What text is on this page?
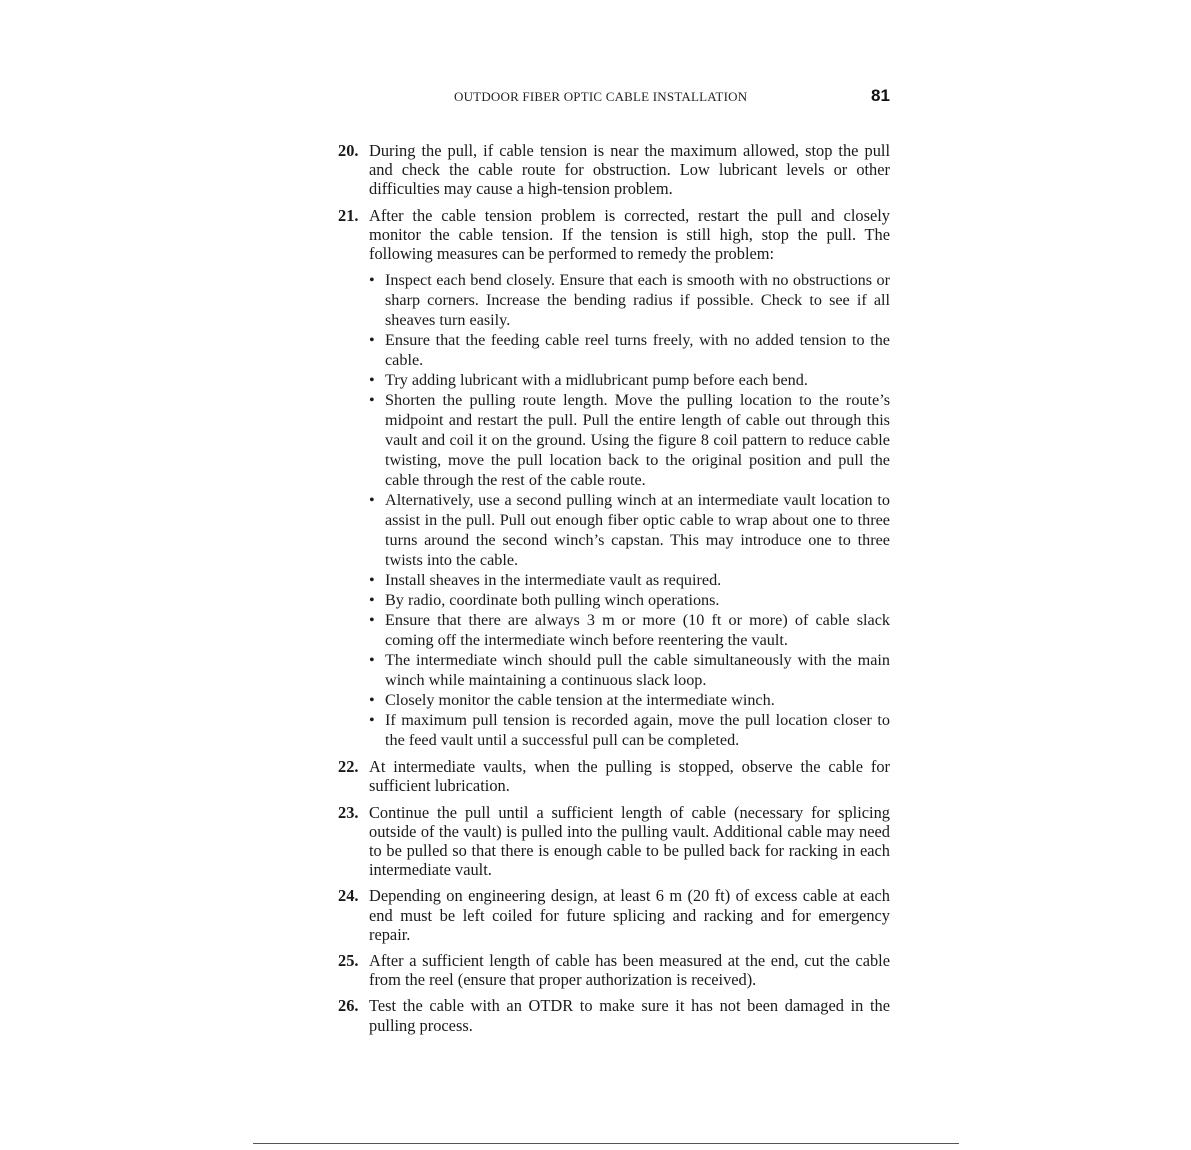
OUTDOOR FIBER OPTIC CABLE INSTALLATION	81
20. During the pull, if cable tension is near the maximum allowed, stop the pull and check the cable route for obstruction. Low lubricant levels or other difficulties may cause a high-tension problem.
21. After the cable tension problem is corrected, restart the pull and closely monitor the cable tension. If the tension is still high, stop the pull. The following measures can be performed to remedy the problem:
• Inspect each bend closely. Ensure that each is smooth with no obstructions or sharp corners. Increase the bending radius if possible. Check to see if all sheaves turn easily.
• Ensure that the feeding cable reel turns freely, with no added tension to the cable.
• Try adding lubricant with a midlubricant pump before each bend.
• Shorten the pulling route length. Move the pulling location to the route’s midpoint and restart the pull. Pull the entire length of cable out through this vault and coil it on the ground. Using the figure 8 coil pattern to reduce cable twisting, move the pull location back to the original position and pull the cable through the rest of the cable route.
• Alternatively, use a second pulling winch at an intermediate vault location to assist in the pull. Pull out enough fiber optic cable to wrap about one to three turns around the second winch’s capstan. This may introduce one to three twists into the cable.
• Install sheaves in the intermediate vault as required.
• By radio, coordinate both pulling winch operations.
• Ensure that there are always 3 m or more (10 ft or more) of cable slack coming off the intermediate winch before reentering the vault.
• The intermediate winch should pull the cable simultaneously with the main winch while maintaining a continuous slack loop.
• Closely monitor the cable tension at the intermediate winch.
• If maximum pull tension is recorded again, move the pull location closer to the feed vault until a successful pull can be completed.
22. At intermediate vaults, when the pulling is stopped, observe the cable for sufficient lubrication.
23. Continue the pull until a sufficient length of cable (necessary for splicing outside of the vault) is pulled into the pulling vault. Additional cable may need to be pulled so that there is enough cable to be pulled back for racking in each intermediate vault.
24. Depending on engineering design, at least 6 m (20 ft) of excess cable at each end must be left coiled for future splicing and racking and for emergency repair.
25. After a sufficient length of cable has been measured at the end, cut the cable from the reel (ensure that proper authorization is received).
26. Test the cable with an OTDR to make sure it has not been damaged in the pulling process.
